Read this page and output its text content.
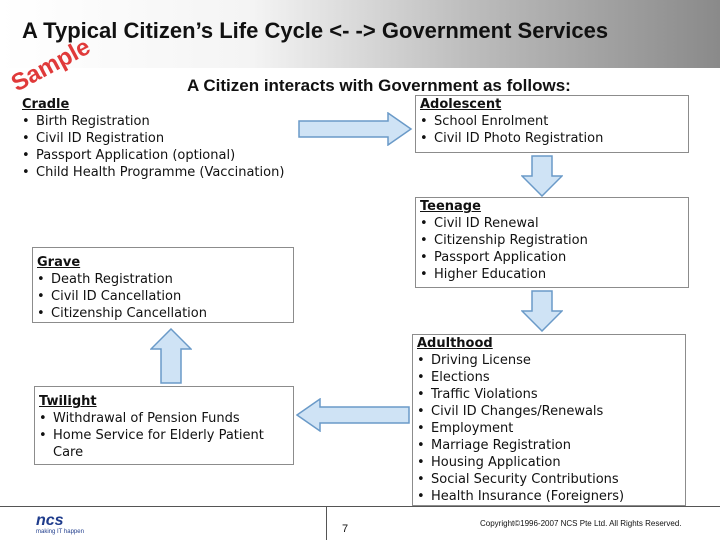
A Typical Citizen’s Life Cycle <- -> Government Services
Sample	A Citizen interacts with Government as follows:
Cradle
• Birth Registration
• Civil ID Registration
• Passport Application (optional)
• Child Health Programme (Vaccination)
Adolescent
• School Enrolment
• Civil ID Photo Registration
Teenage
• Civil ID Renewal
• Citizenship Registration
• Passport Application
• Higher Education
Grave
• Death Registration
• Civil ID Cancellation
• Citizenship Cancellation
Adulthood
• Driving License
• Elections
• Traffic Violations
• Civil ID Changes/Renewals
• Employment
• Marriage Registration
• Housing Application
• Social Security Contributions
• Health Insurance (Foreigners)
Twilight
• Withdrawal of Pension Funds
• Home Service for Elderly Patient Care
ncs
making IT happen	7	Copyright©1996-2007 NCS Pte Ltd. All Rights Reserved.
